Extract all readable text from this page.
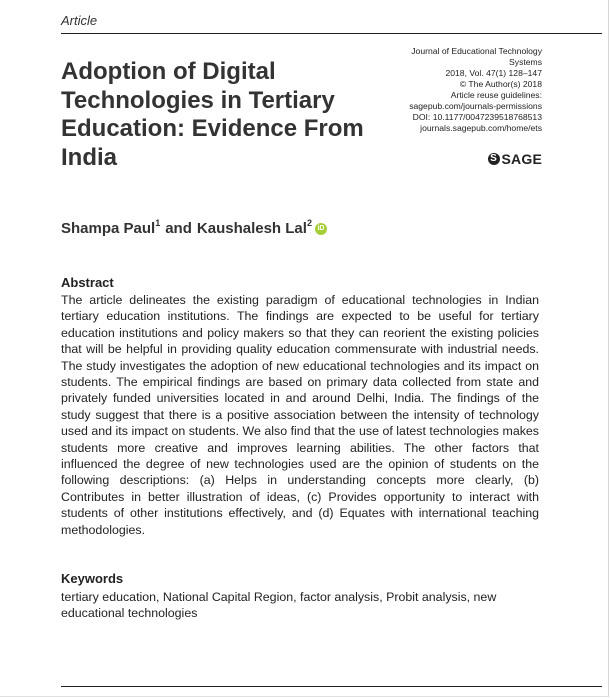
Article
Adoption of Digital Technologies in Tertiary Education: Evidence From India
Journal of Educational Technology
Systems
2018, Vol. 47(1) 128–147
© The Author(s) 2018
Article reuse guidelines:
sagepub.com/journals-permissions
DOI: 10.1177/0047239518768513
journals.sagepub.com/home/ets
S SAGE
Shampa Paul$^1$ and Kaushalesh Lal$^2$
iD
Abstract

The article delineates the existing paradigm of educational technologies in Indian tertiary education institutions. The findings are expected to be useful for tertiary education institutions and policy makers so that they can reorient the existing policies that will be helpful in providing quality education commensurate with industrial needs. The study investigates the adoption of new educational technologies and its impact on students. The empirical findings are based on primary data collected from state and privately funded universities located in and around Delhi, India. The findings of the study suggest that there is a positive association between the intensity of technology used and its impact on students. We also find that the use of latest technologies makes students more creative and improves learning abilities. The other factors that influenced the degree of new technologies used are the opinion of students on the following descriptions: (a) Helps in understanding concepts more clearly, (b) Contributes in better illustration of ideas, (c) Provides opportunity to interact with students of other institutions effectively, and (d) Equates with international teaching methodologies.

Keywords

tertiary education, National Capital Region, factor analysis, Probit analysis, new educational technologies
